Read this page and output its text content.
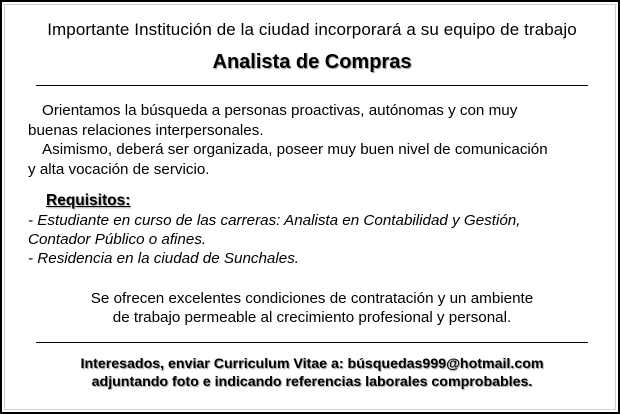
Importante Institución de la ciudad incorporará a su equipo de trabajo
Analista de Compras

Orientamos la búsqueda a personas proactivas, autónomas y con muy

buenas relaciones interpersonales.

Asimismo, deberá ser organizada, poseer muy buen nivel de comunicación

y alta vocación de servicio.

Requisitos:

- Estudiante en curso de las carreras: Analista en Contabilidad y Gestión,

Contador Público o afines.

- Residencia en la ciudad de Sunchales.

Se ofrecen excelentes condiciones de contratación y un ambiente

de trabajo permeable al crecimiento profesional y personal.

Interesados, enviar Curriculum Vitae a: búsquedas999@hotmail.com

adjuntando foto e indicando referencias laborales comprobables.
